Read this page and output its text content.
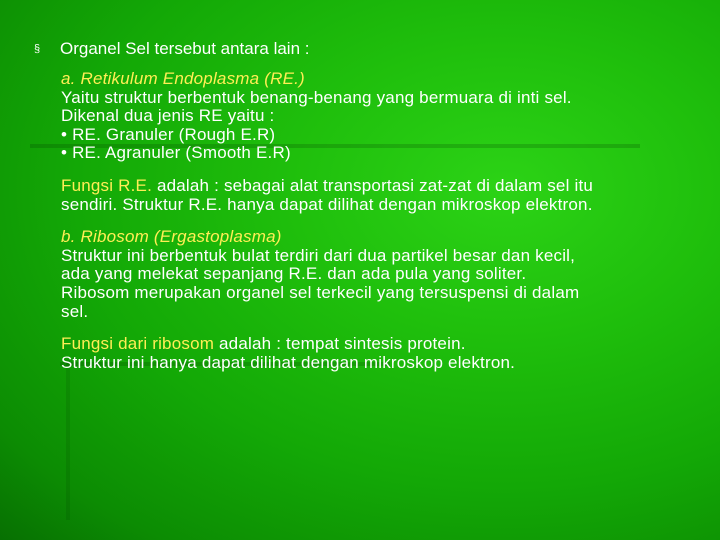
§	Organel Sel tersebut antara lain :
a. Retikulum Endoplasma (RE.)
Yaitu struktur berbentuk benang-benang yang bermuara di inti sel.
Dikenal dua jenis RE yaitu :
• RE. Granuler (Rough E.R)
• RE. Agranuler (Smooth E.R)
Fungsi R.E. adalah : sebagai alat transportasi zat-zat di dalam sel itu
sendiri. Struktur R.E. hanya dapat dilihat dengan mikroskop elektron.
b. Ribosom (Ergastoplasma)
Struktur ini berbentuk bulat terdiri dari dua partikel besar dan kecil,
ada yang melekat sepanjang R.E. dan ada pula yang soliter.
Ribosom merupakan organel sel terkecil yang tersuspensi di dalam
sel.
Fungsi dari ribosom adalah : tempat sintesis protein.
Struktur ini hanya dapat dilihat dengan mikroskop elektron.
